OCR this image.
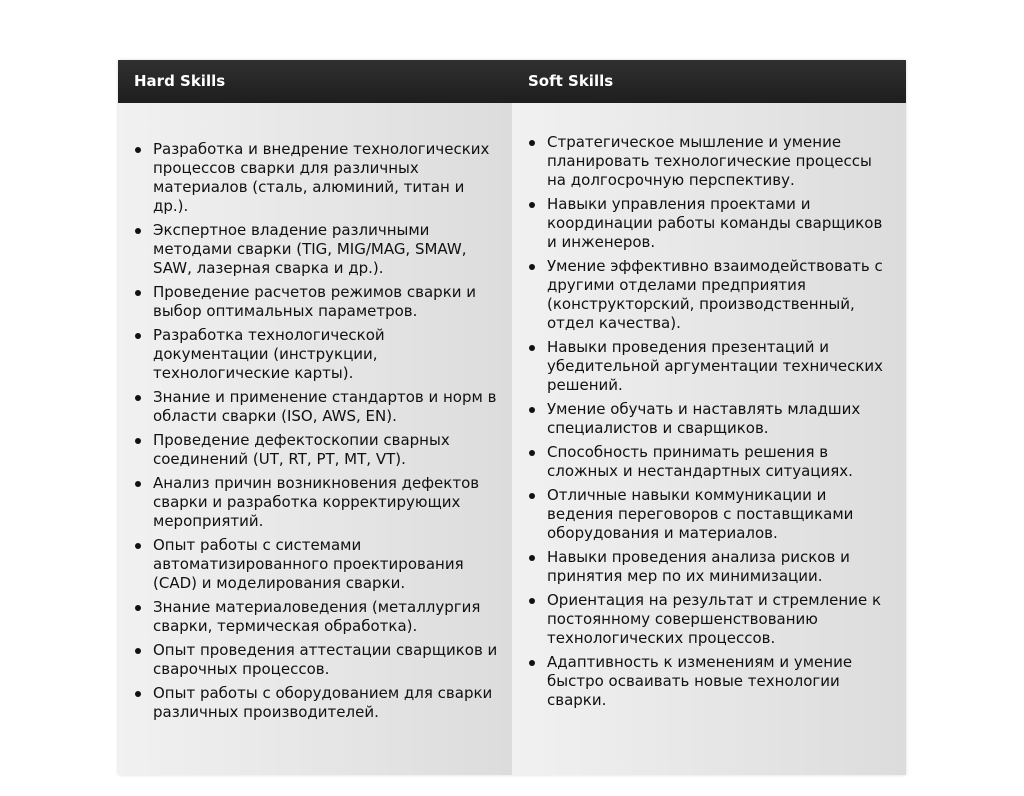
Hard Skills	Soft Skills
Разработка и внедрение технологических процессов сварки для различных материалов (сталь, алюминий, титан и др.).
Экспертное владение различными методами сварки (TIG, MIG/MAG, SMAW, SAW, лазерная сварка и др.).
Проведение расчетов режимов сварки и выбор оптимальных параметров.
Разработка технологической документации (инструкции, технологические карты).
Знание и применение стандартов и норм в области сварки (ISO, AWS, EN).
Проведение дефектоскопии сварных соединений (UT, RT, PT, MT, VT).
Анализ причин возникновения дефектов сварки и разработка корректирующих мероприятий.
Опыт работы с системами автоматизированного проектирования (CAD) и моделирования сварки.
Знание материаловедения (металлургия сварки, термическая обработка).
Опыт проведения аттестации сварщиков и сварочных процессов.
Опыт работы с оборудованием для сварки различных производителей.
Стратегическое мышление и умение планировать технологические процессы на долгосрочную перспективу.
Навыки управления проектами и координации работы команды сварщиков и инженеров.
Умение эффективно взаимодействовать с другими отделами предприятия (конструкторский, производственный, отдел качества).
Навыки проведения презентаций и убедительной аргументации технических решений.
Умение обучать и наставлять младших специалистов и сварщиков.
Способность принимать решения в сложных и нестандартных ситуациях.
Отличные навыки коммуникации и ведения переговоров с поставщиками оборудования и материалов.
Навыки проведения анализа рисков и принятия мер по их минимизации.
Ориентация на результат и стремление к постоянному совершенствованию технологических процессов.
Адаптивность к изменениям и умение быстро осваивать новые технологии сварки.
